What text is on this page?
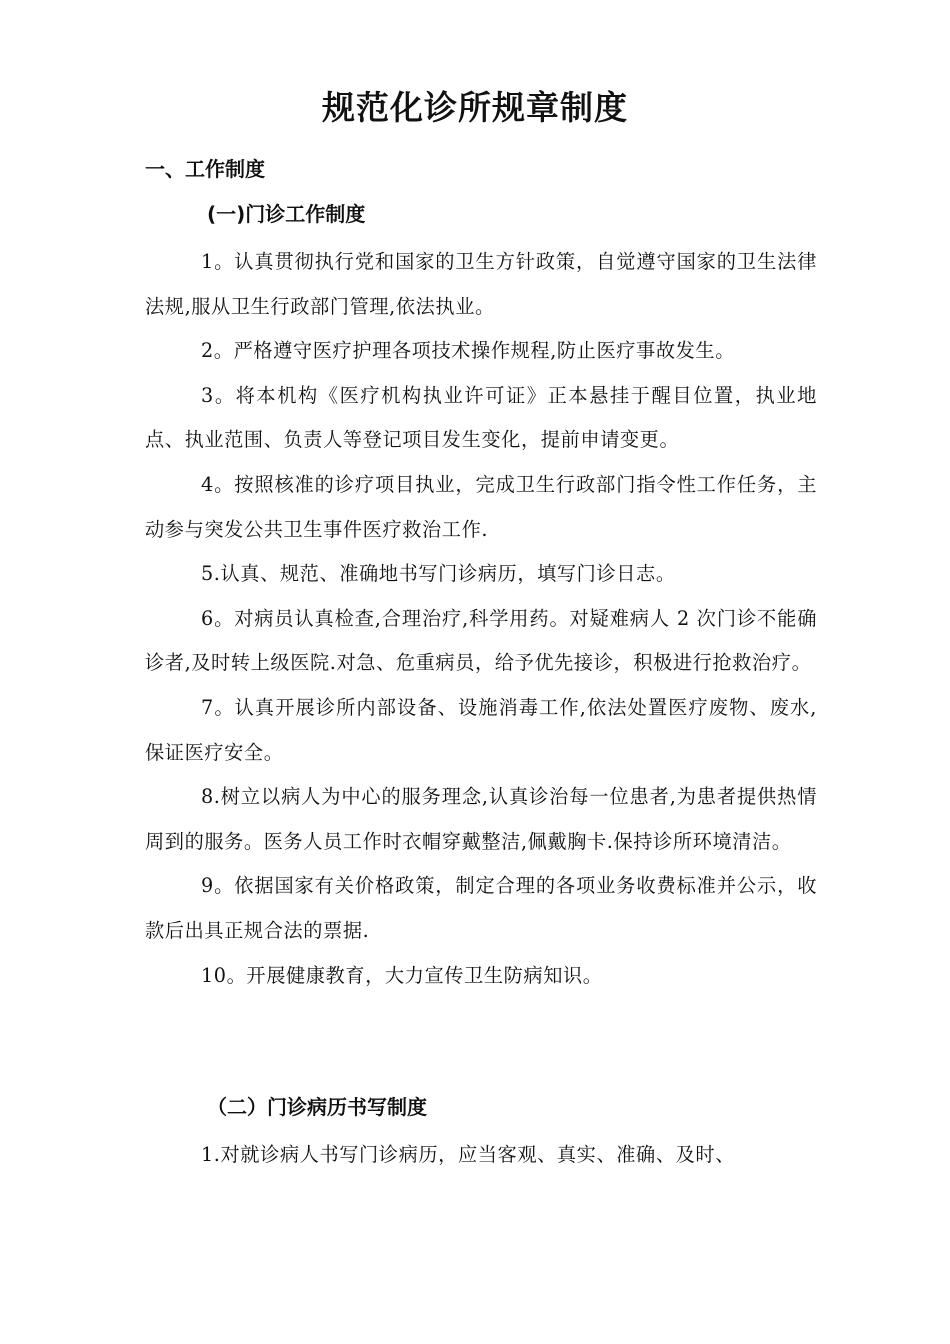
规范化诊所规章制度
一、工作制度
(一)门诊工作制度

1。认真贯彻执行党和国家的卫生方针政策，自觉遵守国家的卫生法律法规,服从卫生行政部门管理,依法执业。

2。严格遵守医疗护理各项技术操作规程,防止医疗事故发生。

3。将本机构《医疗机构执业许可证》正本悬挂于醒目位置，执业地点、执业范围、负责人等登记项目发生变化，提前申请变更。

4。按照核准的诊疗项目执业，完成卫生行政部门指令性工作任务，主动参与突发公共卫生事件医疗救治工作.

5.认真、规范、准确地书写门诊病历，填写门诊日志。

6。对病员认真检查,合理治疗,科学用药。对疑难病人 2 次门诊不能确诊者,及时转上级医院.对急、危重病员，给予优先接诊，积极进行抢救治疗。

7。认真开展诊所内部设备、设施消毒工作,依法处置医疗废物、废水,保证医疗安全。

8.树立以病人为中心的服务理念,认真诊治每一位患者,为患者提供热情周到的服务。医务人员工作时衣帽穿戴整洁,佩戴胸卡.保持诊所环境清洁。

9。依据国家有关价格政策，制定合理的各项业务收费标准并公示，收款后出具正规合法的票据.

10。开展健康教育，大力宣传卫生防病知识。

（二）门诊病历书写制度

1.对就诊病人书写门诊病历，应当客观、真实、准确、及时、
